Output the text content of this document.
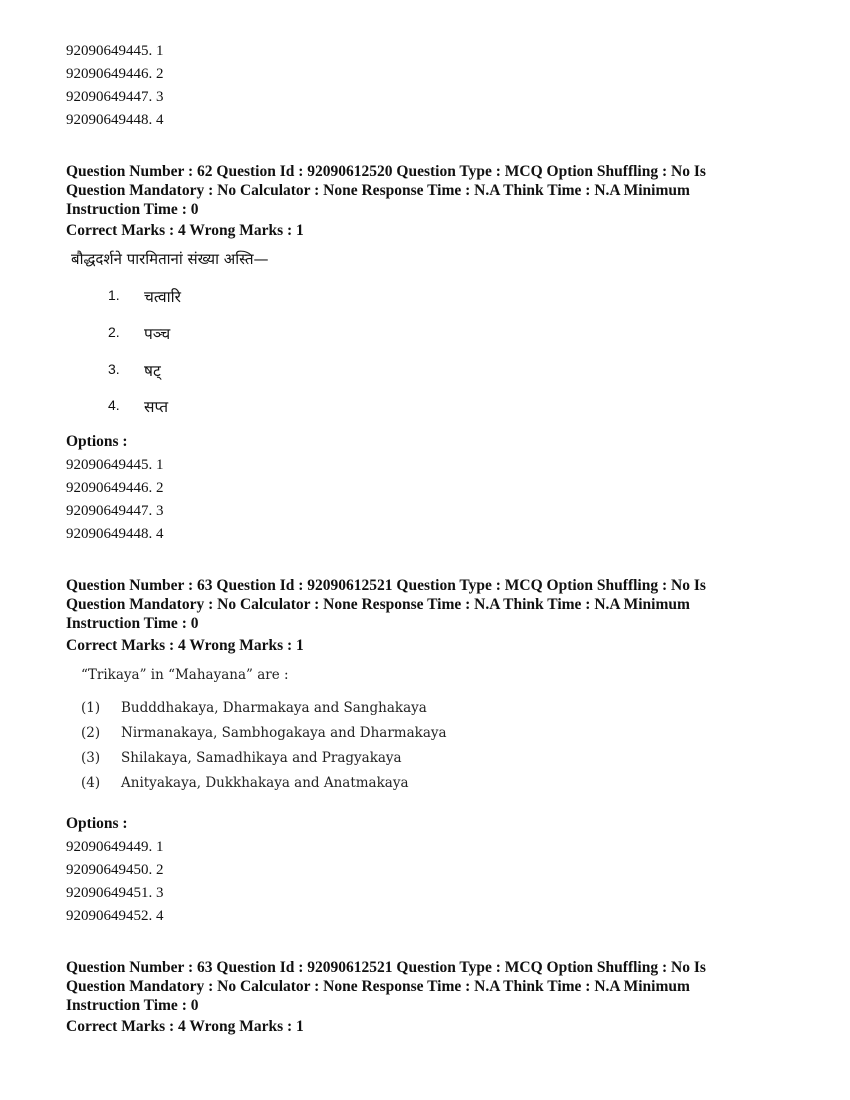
92090649445. 1
92090649446. 2
92090649447. 3
92090649448. 4
Question Number : 62 Question Id : 92090612520 Question Type : MCQ Option Shuffling : No Is
Question Mandatory : No Calculator : None Response Time : N.A Think Time : N.A Minimum
Instruction Time : 0
Correct Marks : 4 Wrong Marks : 1
बौद्धदर्शने पारमितानां संख्या अस्ति—
1. चत्वारि
2. पञ्च
3. षट्
4. सप्त
Options :
92090649445. 1
92090649446. 2
92090649447. 3
92090649448. 4
Question Number : 63 Question Id : 92090612521 Question Type : MCQ Option Shuffling : No Is
Question Mandatory : No Calculator : None Response Time : N.A Think Time : N.A Minimum
Instruction Time : 0
Correct Marks : 4 Wrong Marks : 1
“Trikaya” in “Mahayana” are :
(1) Budddhakaya, Dharmakaya and Sanghakaya
(2) Nirmanakaya, Sambhogakaya and Dharmakaya
(3) Shilakaya, Samadhikaya and Pragyakaya
(4) Anityakaya, Dukkhakaya and Anatmakaya
Options :
92090649449. 1
92090649450. 2
92090649451. 3
92090649452. 4
Question Number : 63 Question Id : 92090612521 Question Type : MCQ Option Shuffling : No Is
Question Mandatory : No Calculator : None Response Time : N.A Think Time : N.A Minimum
Instruction Time : 0
Correct Marks : 4 Wrong Marks : 1
